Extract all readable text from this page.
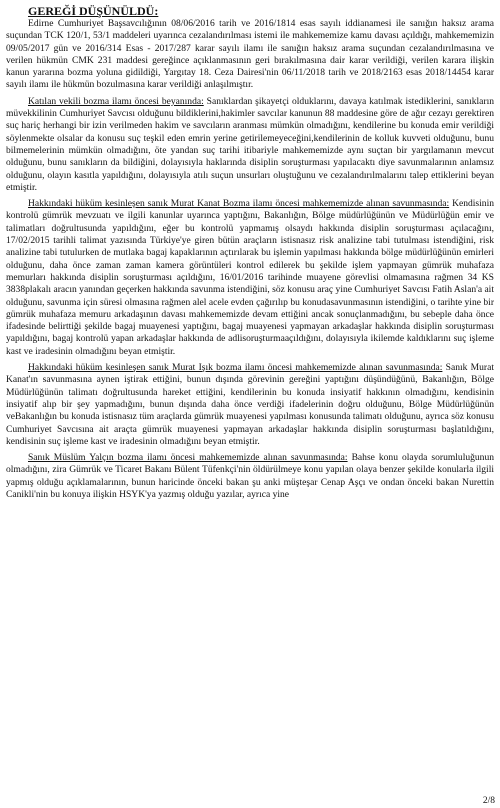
GEREĞİ DÜŞÜNÜLDÜ:

Edirne Cumhuriyet Başsavcılığının 08/06/2016 tarih ve 2016/1814 esas sayılı iddianamesi ile sanığın haksız arama suçundan TCK 120/1, 53/1 maddeleri uyarınca cezalandırılması istemi ile mahkememize kamu davası açıldığı, mahkememizin 09/05/2017 gün ve 2016/314 Esas - 2017/287 karar sayılı ilamı ile sanığın haksız arama suçundan cezalandırılmasına ve verilen hükmün CMK 231 maddesi gereğince açıklanmasının geri bırakılmasına dair karar verildiği, verilen karara ilişkin kanun yararına bozma yoluna gidildiği, Yargıtay 18. Ceza Dairesi'nin 06/11/2018 tarih ve 2018/2163 esas 2018/14454 karar sayılı ilamı ile hükmün bozulmasına karar verildiği anlaşılmıştır.

Katılan vekili bozma ilamı öncesi beyanında: Sanıklardan şikayetçi olduklarını, davaya katılmak istediklerini, sanıkların müvekkilinin Cumhuriyet Savcısı olduğunu bildiklerini,hakimler savcılar kanunun 88 maddesine göre de ağır cezayı gerektiren suç hariç herhangi bir izin verilmeden hakim ve savcıların aranması mümkün olmadığını, kendilerine bu konuda emir verildiği söylenmekte olsalar da konusu suç teşkil eden emrin yerine getirilemeyeceğini,kendilerinin de kolluk kuvveti olduğunu, bunu bilmemelerinin mümkün olmadığını, öte yandan suç tarihi itibariyle mahkememizde aynı suçtan bir yargılamanın mevcut olduğunu, bunu sanıkların da bildiğini, dolayısıyla haklarında disiplin soruşturması yapılacaktı diye savunmalarının anlamsız olduğunu, olayın kasıtla yapıldığını, dolayısıyla atılı suçun unsurları oluştuğunu ve cezalandırılmalarını talep ettiklerini beyan etmiştir.

Hakkındaki hüküm kesinleşen sanık Murat Kanat Bozma ilamı öncesi mahkememizde alınan savunmasında: Kendisinin kontrolü gümrük mevzuatı ve ilgili kanunlar uyarınca yaptığını, Bakanlığın, Bölge müdürlüğünün ve Müdürlüğün emir ve talimatları doğrultusunda yapıldığını, eğer bu kontrolü yapmamış olsaydı hakkında disiplin soruşturması açılacağını, 17/02/2015 tarihli talimat yazısında Türkiye'ye giren bütün araçların istisnasız risk analizine tabi tutulması istendiğini, risk analizine tabi tutulurken de mutlaka bagaj kapaklarının açtırılarak bu işlemin yapılması hakkında bölge müdürlüğünün emirleri olduğunu, daha önce zaman zaman kamera görüntüleri kontrol edilerek bu şekilde işlem yapmayan gümrük muhafaza memurları hakkında disiplin soruşturması açıldığını, 16/01/2016 tarihinde muayene görevlisi olmamasına rağmen 34 KS 3838plakalı aracın yanından geçerken hakkında savunma istendiğini, söz konusu araç yine Cumhuriyet Savcısı Fatih Aslan'a ait olduğunu, savunma için süresi olmasına rağmen alel acele evden çağırılıp bu konudasavunmasının istendiğini, o tarihte yine bir gümrük muhafaza memuru arkadaşının davası mahkememizde devam ettiğini ancak sonuçlanmadığını, bu sebeple daha önce ifadesinde belirttiği şekilde bagaj muayenesi yaptığını, bagaj muayenesi yapmayan arkadaşlar hakkında disiplin soruşturması yapıldığını, bagaj kontrolü yapan arkadaşlar hakkında de adlisoruşturmaaçıldığını, dolayısıyla ikilemde kaldıklarını suç işleme kast ve iradesinin olmadığını beyan etmiştir.

Hakkındaki hüküm kesinleşen sanık Murat Işık bozma ilamı öncesi mahkememizde alınan savunmasında: Sanık Murat Kanat'ın savunmasına aynen iştirak ettiğini, bunun dışında görevinin gereğini yaptığını düşündüğünü, Bakanlığın, Bölge Müdürlüğünün talimatı doğrultusunda hareket ettiğini, kendilerinin bu konuda insiyatif hakkının olmadığını, kendisinin insiyatif alıp bir şey yapmadığını, bunun dışında daha önce verdiği ifadelerinin doğru olduğunu, Bölge Müdürlüğünün veBakanlığın bu konuda istisnasız tüm araçlarda gümrük muayenesi yapılması konusunda talimatı olduğunu, ayrıca söz konusu Cumhuriyet Savcısına ait araçta gümrük muayenesi yapmayan arkadaşlar hakkında disiplin soruşturması başlatıldığını, kendisinin suç işleme kast ve iradesinin olmadığını beyan etmiştir.

Sanık Müslüm Yalçın bozma ilamı öncesi mahkememizde alınan savunmasında: Bahse konu olayda sorumluluğunun olmadığını, zira Gümrük ve Ticaret Bakanı Bülent Tüfenkçi'nin öldürülmeye konu yapılan olaya benzer şekilde konularla ilgili yapmış olduğu açıklamalarının, bunun haricinde önceki bakan şu anki müşteşar Cenap Aşçı ve ondan önceki bakan Nurettin Canikli'nin bu konuya ilişkin HSYK'ya yazmış olduğu yazılar, ayrıca yine

2/8
